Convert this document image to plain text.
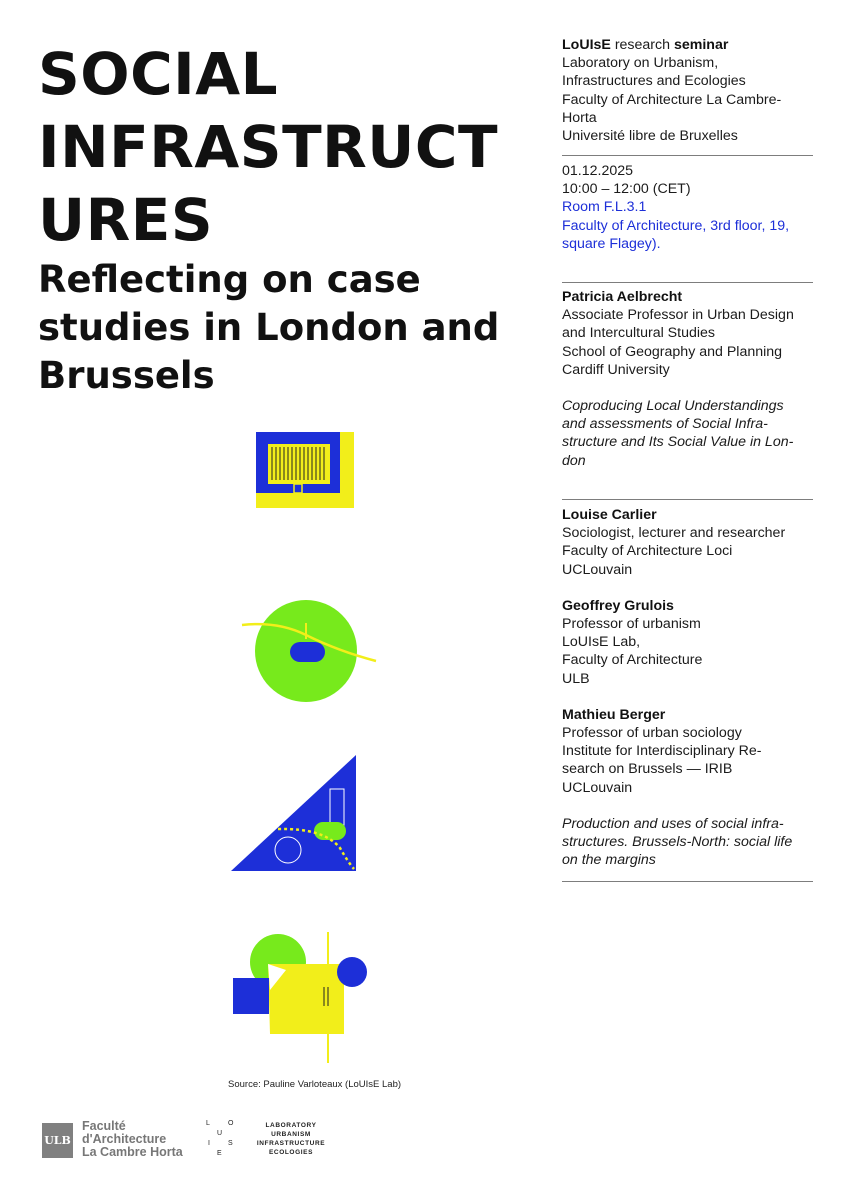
SOCIAL
INFRASTRUCT
URES
Reflecting on case
studies in London and
Brussels

LoUIsE research seminar

Laboratory on Urbanism,

Infrastructures and Ecologies

Faculty of Architecture La Cambre-

Horta

Université libre de Bruxelles

01.12.2025

10:00 – 12:00 (CET)

Room F.L.3.1

Faculty of Architecture, 3rd floor, 19,

square Flagey).

Patricia Aelbrecht

Associate Professor in Urban Design

and Intercultural Studies

School of Geography and Planning

Cardiff University

Coproducing Local Understandings

and assessments of Social Infra-

structure and Its Social Value in Lon-

don

Louise Carlier

Sociologist, lecturer and researcher

Faculty of Architecture Loci

UCLouvain

Geoffrey Grulois

Professor of urbanism

LoUIsE Lab,

Faculty of Architecture

ULB

Mathieu Berger

Professor of urban sociology

Institute for Interdisciplinary Re-

search on Brussels — IRIB

UCLouvain

Production and uses of social infra-

structures. Brussels-North: social life

on the margins

Source: Pauline Varloteaux (LoUIsE Lab)
ULB
Faculté
d'Architecture
La Cambre Horta
L	O
U
I	S
E
LABORATORY
URBANISM
INFRASTRUCTURE
ECOLOGIES
